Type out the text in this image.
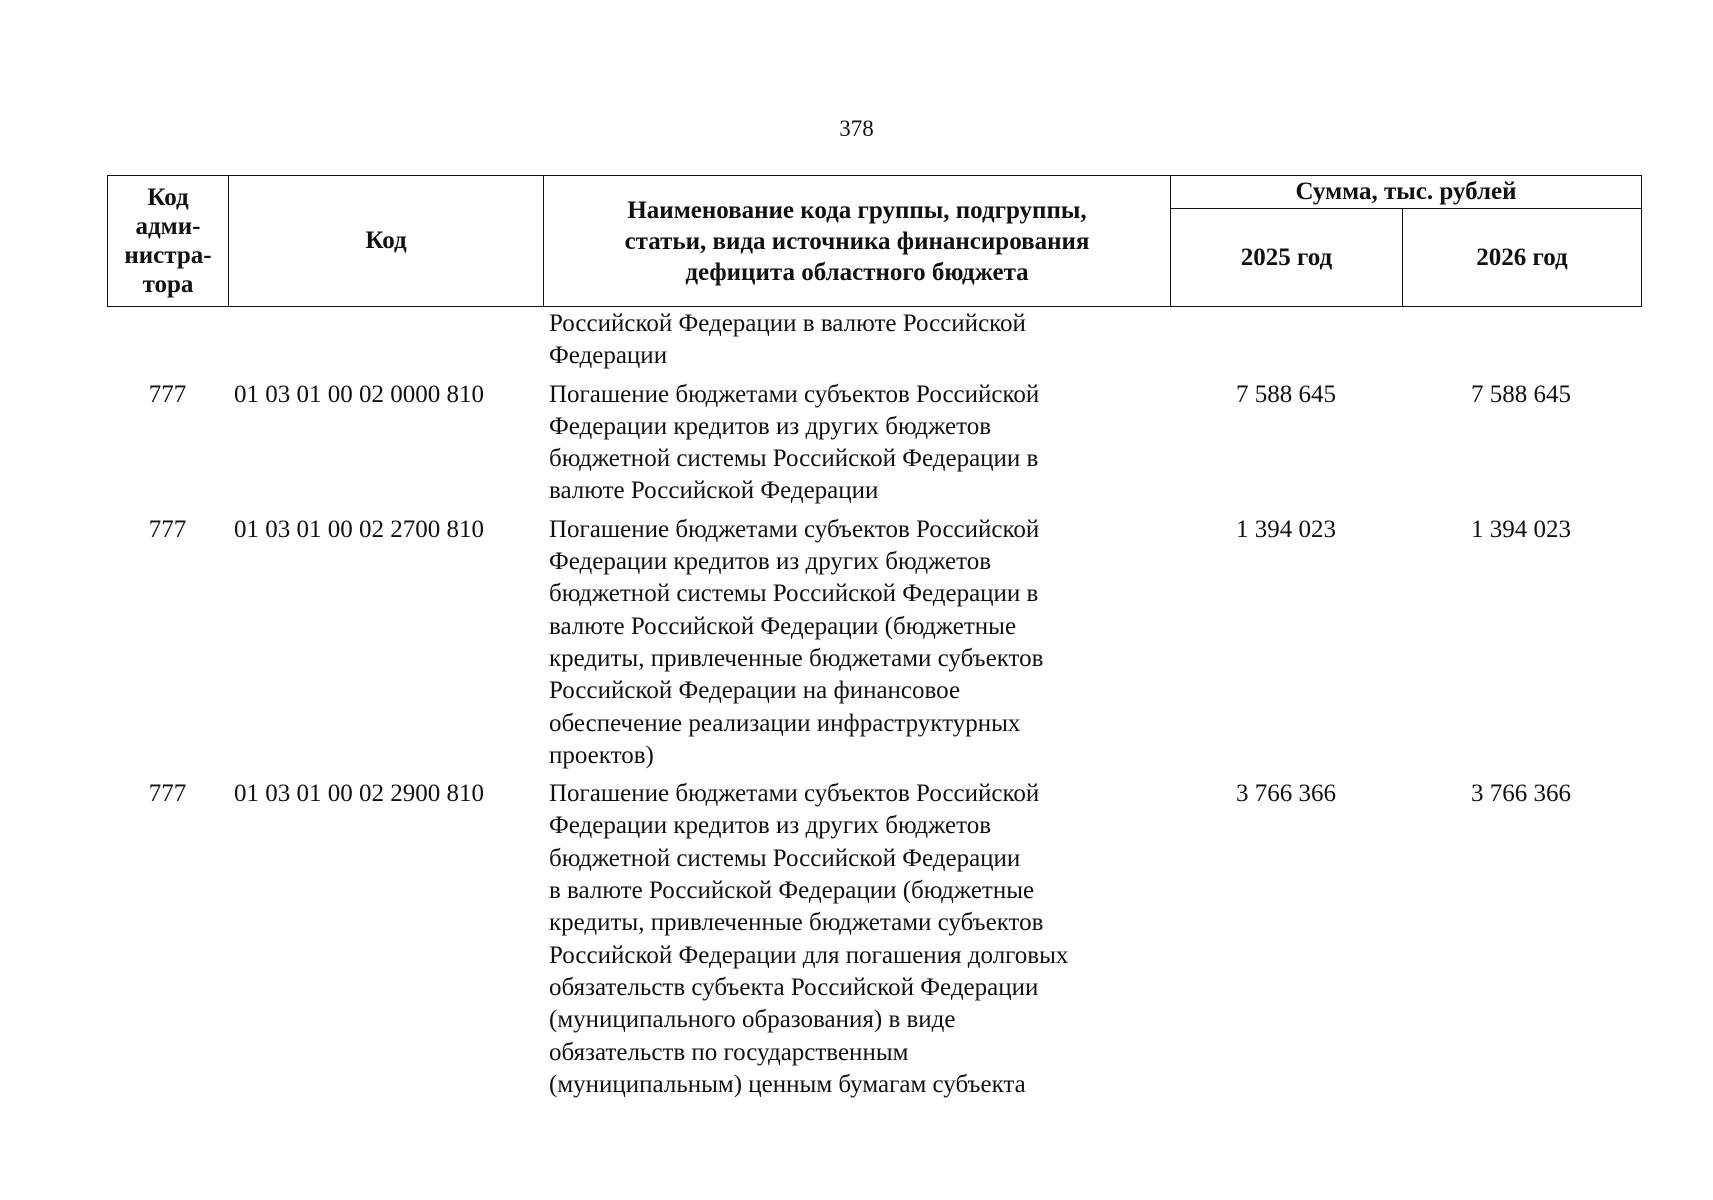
378
Код
адми-
нистра-
тора
Код
Наименование кода группы, подгруппы,
статьи, вида источника финансирования
дефицита областного бюджета
Сумма, тыс. рублей
2025 год	2026 год
Российской Федерации в валюте Российской
Федерации
777	01 03 01 00 02 0000 810	Погашение бюджетами субъектов Российской
Федерации кредитов из других бюджетов
бюджетной системы Российской Федерации в
валюте Российской Федерации
7 588 645	7 588 645
777	01 03 01 00 02 2700 810	Погашение бюджетами субъектов Российской
Федерации кредитов из других бюджетов
бюджетной системы Российской Федерации в
валюте Российской Федерации (бюджетные
кредиты, привлеченные бюджетами субъектов
Российской Федерации на финансовое
обеспечение реализации инфраструктурных
проектов)
1 394 023	1 394 023
777	01 03 01 00 02 2900 810	Погашение бюджетами субъектов Российской
Федерации кредитов из других бюджетов
бюджетной системы Российской Федерации
в валюте Российской Федерации (бюджетные
кредиты, привлеченные бюджетами субъектов
Российской Федерации для погашения долговых
обязательств субъекта Российской Федерации
(муниципального образования) в виде
обязательств по государственным
(муниципальным) ценным бумагам субъекта
3 766 366	3 766 366
